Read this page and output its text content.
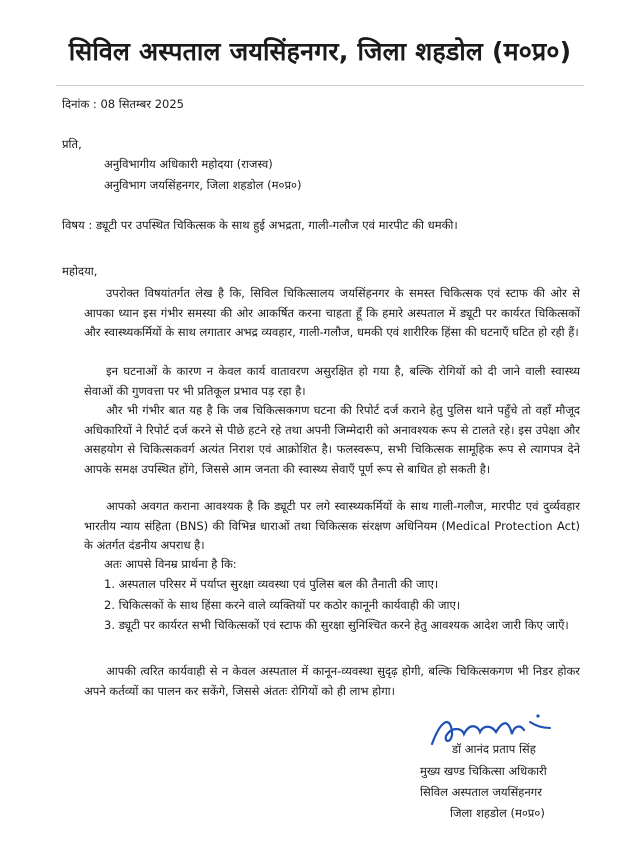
सिविल अस्पताल जयसिंहनगर, जिला शहडोल (म०प्र०)
दिनांक : 08 सितम्बर 2025
प्रति,
अनुविभागीय अधिकारी महोदया (राजस्व)
अनुविभाग जयसिंहनगर, जिला शहडोल (म०प्र०)
विषय : ड्यूटी पर उपस्थित चिकित्सक के साथ हुई अभद्रता, गाली-गलौज एवं मारपीट की धमकी।
महोदया,
उपरोक्त विषयांतर्गत लेख है कि, सिविल चिकित्सालय जयसिंहनगर के समस्त चिकित्सक एवं स्टाफ की ओर से आपका ध्यान इस गंभीर समस्या की ओर आकर्षित करना चाहता हूँ कि हमारे अस्पताल में ड्यूटी पर कार्यरत चिकित्सकों और स्वास्थ्यकर्मियों के साथ लगातार अभद्र व्यवहार, गाली-गलौज, धमकी एवं शारीरिक हिंसा की घटनाएँ घटित हो रही हैं।
इन घटनाओं के कारण न केवल कार्य वातावरण असुरक्षित हो गया है, बल्कि रोगियों को दी जाने वाली स्वास्थ्य सेवाओं की गुणवत्ता पर भी प्रतिकूल प्रभाव पड़ रहा है।
और भी गंभीर बात यह है कि जब चिकित्सकगण घटना की रिपोर्ट दर्ज कराने हेतु पुलिस थाने पहुँचे तो वहाँ मौजूद अधिकारियों ने रिपोर्ट दर्ज करने से पीछे हटने रहे तथा अपनी जिम्मेदारी को अनावश्यक रूप से टालते रहे। इस उपेक्षा और असहयोग से चिकित्सकवर्ग अत्यंत निराश एवं आक्रोशित है। फलस्वरूप, सभी चिकित्सक सामूहिक रूप से त्यागपत्र देने आपके समक्ष उपस्थित होंगे, जिससे आम जनता की स्वास्थ्य सेवाएँ पूर्ण रूप से बाधित हो सकती है।
आपको अवगत कराना आवश्यक है कि ड्यूटी पर लगे स्वास्थ्यकर्मियों के साथ गाली-गलौज, मारपीट एवं दुर्व्यवहार भारतीय न्याय संहिता (BNS) की विभिन्न धाराओं तथा चिकित्सक संरक्षण अधिनियम (Medical Protection Act) के अंतर्गत दंडनीय अपराध है।
अतः आपसे विनम्र प्रार्थना है कि:
1. अस्पताल परिसर में पर्याप्त सुरक्षा व्यवस्था एवं पुलिस बल की तैनाती की जाए।
2. चिकित्सकों के साथ हिंसा करने वाले व्यक्तियों पर कठोर कानूनी कार्यवाही की जाए।
3. ड्यूटी पर कार्यरत सभी चिकित्सकों एवं स्टाफ की सुरक्षा सुनिश्चित करने हेतु आवश्यक आदेश जारी किए जाएँ।
आपकी त्वरित कार्यवाही से न केवल अस्पताल में कानून-व्यवस्था सुदृढ़ होगी, बल्कि चिकित्सकगण भी निडर होकर अपने कर्तव्यों का पालन कर सकेंगे, जिससे अंततः रोगियों को ही लाभ होगा।
डॉ आनंद प्रताप सिंह
मुख्य खण्ड चिकित्सा अधिकारी
सिविल अस्पताल जयसिंहनगर
जिला शहडोल (म०प्र०)
